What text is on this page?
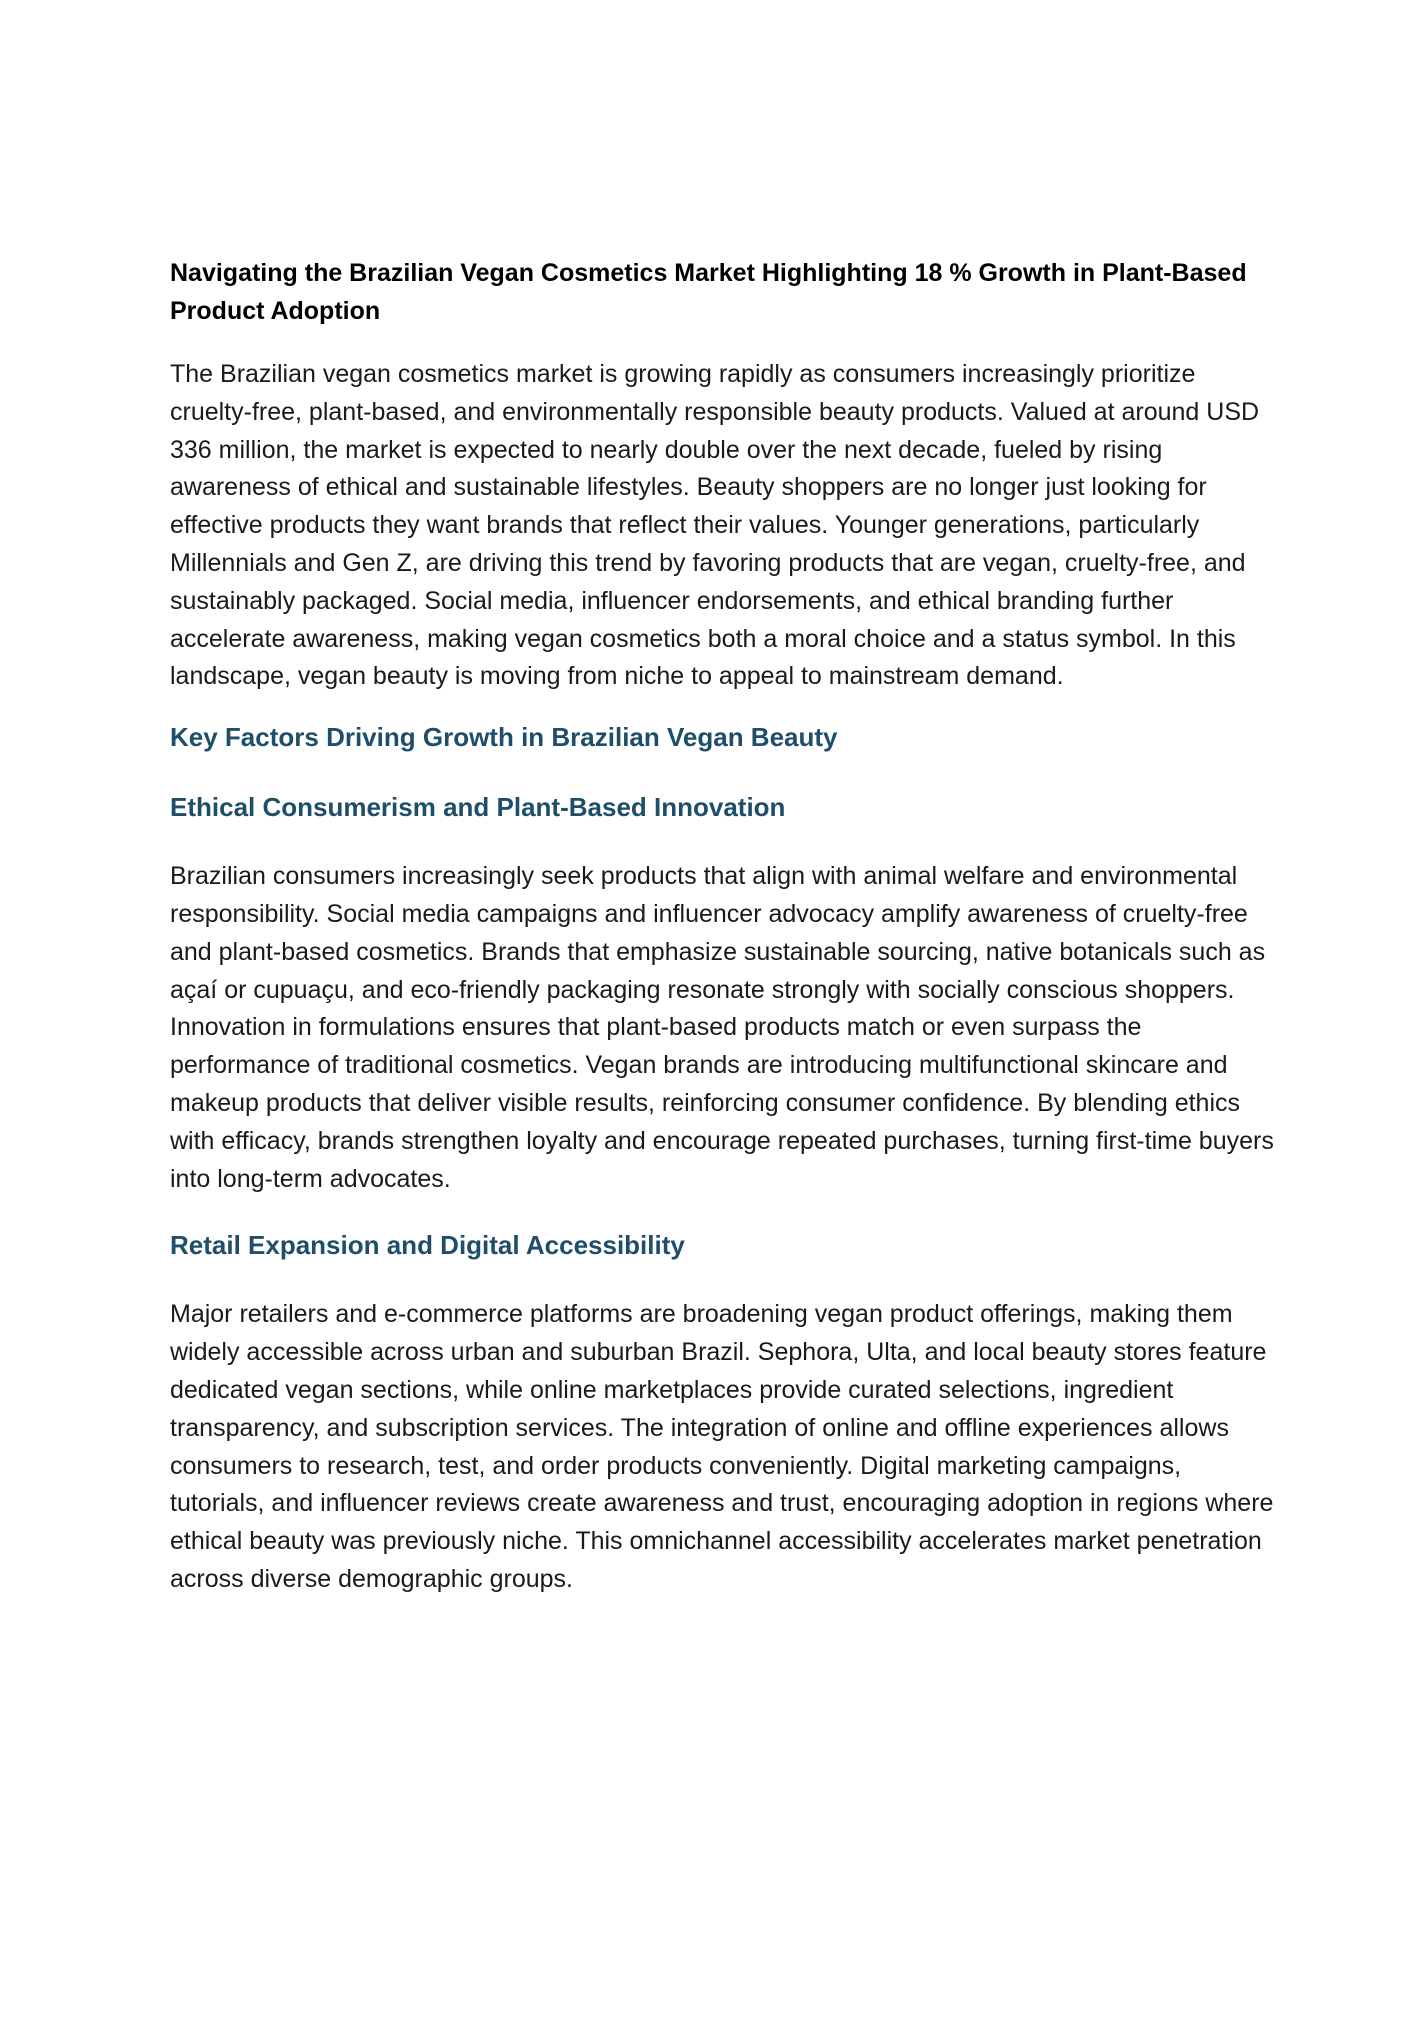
Navigating the Brazilian Vegan Cosmetics Market Highlighting 18 % Growth in Plant-Based Product Adoption

The Brazilian vegan cosmetics market is growing rapidly as consumers increasingly prioritize cruelty-free, plant-based, and environmentally responsible beauty products. Valued at around USD 336 million, the market is expected to nearly double over the next decade, fueled by rising awareness of ethical and sustainable lifestyles. Beauty shoppers are no longer just looking for effective products they want brands that reflect their values. Younger generations, particularly Millennials and Gen Z, are driving this trend by favoring products that are vegan, cruelty-free, and sustainably packaged. Social media, influencer endorsements, and ethical branding further accelerate awareness, making vegan cosmetics both a moral choice and a status symbol. In this landscape, vegan beauty is moving from niche to appeal to mainstream demand.

Key Factors Driving Growth in Brazilian Vegan Beauty
Ethical Consumerism and Plant-Based Innovation

Brazilian consumers increasingly seek products that align with animal welfare and environmental responsibility. Social media campaigns and influencer advocacy amplify awareness of cruelty-free and plant-based cosmetics. Brands that emphasize sustainable sourcing, native botanicals such as açaí or cupuaçu, and eco-friendly packaging resonate strongly with socially conscious shoppers. Innovation in formulations ensures that plant-based products match or even surpass the performance of traditional cosmetics. Vegan brands are introducing multifunctional skincare and makeup products that deliver visible results, reinforcing consumer confidence. By blending ethics with efficacy, brands strengthen loyalty and encourage repeated purchases, turning first-time buyers into long-term advocates.

Retail Expansion and Digital Accessibility

Major retailers and e-commerce platforms are broadening vegan product offerings, making them widely accessible across urban and suburban Brazil. Sephora, Ulta, and local beauty stores feature dedicated vegan sections, while online marketplaces provide curated selections, ingredient transparency, and subscription services. The integration of online and offline experiences allows consumers to research, test, and order products conveniently. Digital marketing campaigns, tutorials, and influencer reviews create awareness and trust, encouraging adoption in regions where ethical beauty was previously niche. This omnichannel accessibility accelerates market penetration across diverse demographic groups.
